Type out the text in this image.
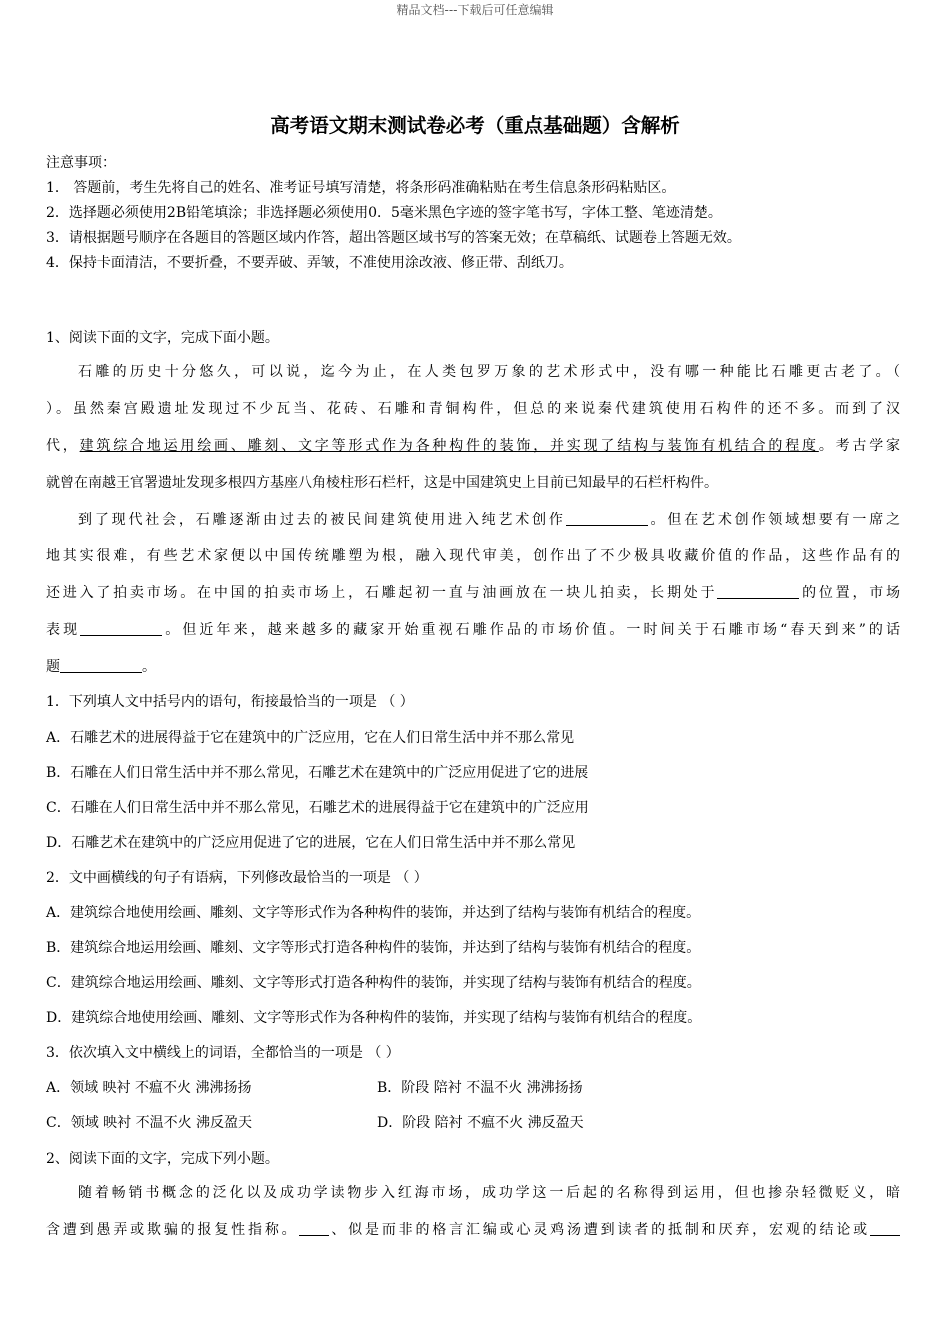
精品文档---下载后可任意编辑
高考语文期末测试卷必考（重点基础题）含解析
注意事项：
1． 答题前，考生先将自己的姓名、准考证号填写清楚，将条形码准确粘贴在考生信息条形码粘贴区。
2．选择题必须使用2B铅笔填涂；非选择题必须使用0．5毫米黑色字迹的签字笔书写，字体工整、笔迹清楚。
3．请根据题号顺序在各题目的答题区域内作答，超出答题区域书写的答案无效；在草稿纸、试题卷上答题无效。
4．保持卡面清洁，不要折叠，不要弄破、弄皱，不准使用涂改液、修正带、刮纸刀。
1、阅读下面的文字，完成下面小题。
石雕的历史十分悠久，可以说，迄今为止，在人类包罗万象的艺术形式中，没有哪一种能比石雕更古老了。（
）。虽然秦宫殿遗址发现过不少瓦当、花砖、石雕和青铜构件，但总的来说秦代建筑使用石构件的还不多。而到了汉
代，建筑综合地运用绘画、雕刻、文字等形式作为各种构件的装饰，并实现了结构与装饰有机结合的程度。考古学家
就曾在南越王官署遗址发现多根四方基座八角棱柱形石栏杆，这是中国建筑史上目前已知最早的石栏杆构件。
到了现代社会，石雕逐渐由过去的被民间建筑使用进入纯艺术创作	。但在艺术创作领域想要有一席之
地其实很难，有些艺术家便以中国传统雕塑为根，融入现代审美，创作出了不少极具收藏价值的作品，这些作品有的
还进入了拍卖市场。在中国的拍卖市场上，石雕起初一直与油画放在一块儿拍卖，长期处于	的位置，市场
表现	。但近年来，越来越多的藏家开始重视石雕作品的市场价值。一时间关于石雕市场“春天到来”的话
题	。
1．下列填人文中括号内的语句，衔接最恰当的一项是 （ ）
A．石雕艺术的进展得益于它在建筑中的广泛应用，它在人们日常生活中并不那么常见
B．石雕在人们日常生活中并不那么常见，石雕艺术在建筑中的广泛应用促进了它的进展
C．石雕在人们日常生活中并不那么常见，石雕艺术的进展得益于它在建筑中的广泛应用
D．石雕艺术在建筑中的广泛应用促进了它的进展，它在人们日常生活中并不那么常见
2．文中画横线的句子有语病，下列修改最恰当的一项是 （ ）
A．建筑综合地使用绘画、雕刻、文字等形式作为各种构件的装饰，并达到了结构与装饰有机结合的程度。
B．建筑综合地运用绘画、雕刻、文字等形式打造各种构件的装饰，并达到了结构与装饰有机结合的程度。
C．建筑综合地运用绘画、雕刻、文字等形式打造各种构件的装饰，并实现了结构与装饰有机结合的程度。
D．建筑综合地使用绘画、雕刻、文字等形式作为各种构件的装饰，并实现了结构与装饰有机结合的程度。
3．依次填入文中横线上的词语，全都恰当的一项是 （ ）
A．领域 映衬 不瘟不火 沸沸扬扬	B．阶段 陪衬 不温不火 沸沸扬扬
C．领域 映衬 不温不火 沸反盈天	D．阶段 陪衬 不瘟不火 沸反盈天
2、阅读下面的文字，完成下列小题。
随着畅销书概念的泛化以及成功学读物步入红海市场，成功学这一后起的名称得到运用，但也掺杂轻微贬义，暗
含遭到愚弄或欺骗的报复性指称。 、似是而非的格言汇编或心灵鸡汤遭到读者的抵制和厌弃，宏观的结论或
